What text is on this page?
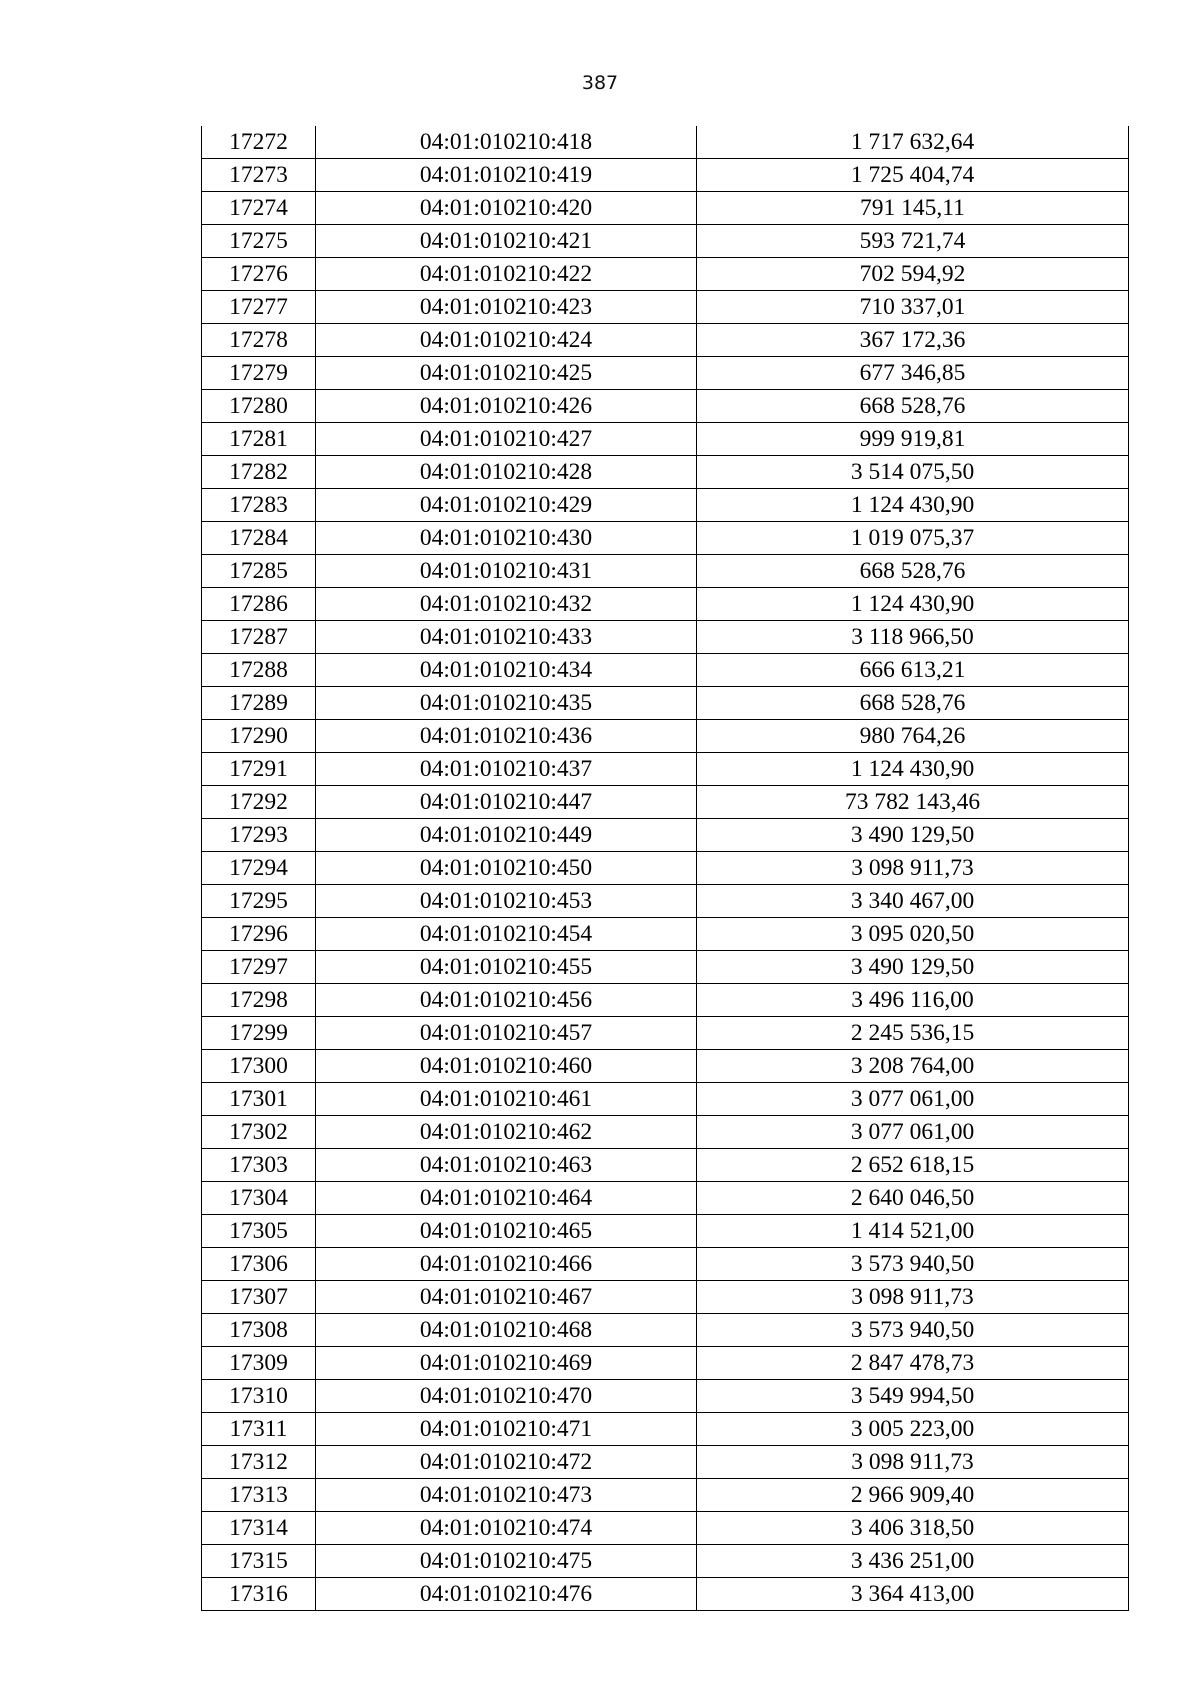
387
17272	04:01:010210:418	1 717 632,64
17273	04:01:010210:419	1 725 404,74
17274	04:01:010210:420	791 145,11
17275	04:01:010210:421	593 721,74
17276	04:01:010210:422	702 594,92
17277	04:01:010210:423	710 337,01
17278	04:01:010210:424	367 172,36
17279	04:01:010210:425	677 346,85
17280	04:01:010210:426	668 528,76
17281	04:01:010210:427	999 919,81
17282	04:01:010210:428	3 514 075,50
17283	04:01:010210:429	1 124 430,90
17284	04:01:010210:430	1 019 075,37
17285	04:01:010210:431	668 528,76
17286	04:01:010210:432	1 124 430,90
17287	04:01:010210:433	3 118 966,50
17288	04:01:010210:434	666 613,21
17289	04:01:010210:435	668 528,76
17290	04:01:010210:436	980 764,26
17291	04:01:010210:437	1 124 430,90
17292	04:01:010210:447	73 782 143,46
17293	04:01:010210:449	3 490 129,50
17294	04:01:010210:450	3 098 911,73
17295	04:01:010210:453	3 340 467,00
17296	04:01:010210:454	3 095 020,50
17297	04:01:010210:455	3 490 129,50
17298	04:01:010210:456	3 496 116,00
17299	04:01:010210:457	2 245 536,15
17300	04:01:010210:460	3 208 764,00
17301	04:01:010210:461	3 077 061,00
17302	04:01:010210:462	3 077 061,00
17303	04:01:010210:463	2 652 618,15
17304	04:01:010210:464	2 640 046,50
17305	04:01:010210:465	1 414 521,00
17306	04:01:010210:466	3 573 940,50
17307	04:01:010210:467	3 098 911,73
17308	04:01:010210:468	3 573 940,50
17309	04:01:010210:469	2 847 478,73
17310	04:01:010210:470	3 549 994,50
17311	04:01:010210:471	3 005 223,00
17312	04:01:010210:472	3 098 911,73
17313	04:01:010210:473	2 966 909,40
17314	04:01:010210:474	3 406 318,50
17315	04:01:010210:475	3 436 251,00
17316	04:01:010210:476	3 364 413,00
